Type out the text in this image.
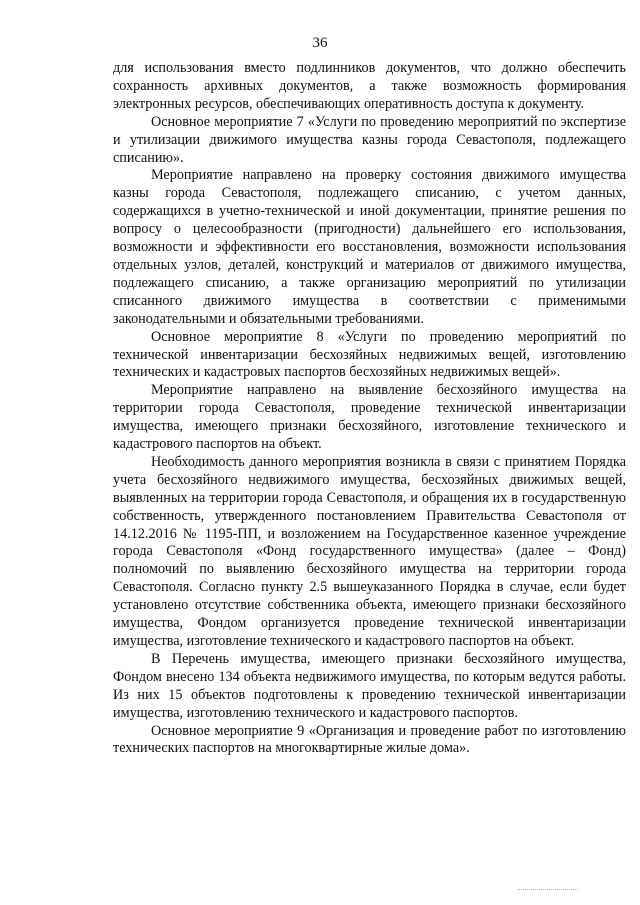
36

для использования вместо подлинников документов, что должно обеспечить сохранность архивных документов, а также возможность формирования электронных ресурсов, обеспечивающих оперативность доступа к документу.

Основное мероприятие 7 «Услуги по проведению мероприятий по экспертизе и утилизации движимого имущества казны города Севастополя, подлежащего списанию».

Мероприятие направлено на проверку состояния движимого имущества казны города Севастополя, подлежащего списанию, с учетом данных, содержащихся в учетно-технической и иной документации, принятие решения по вопросу о целесообразности (пригодности) дальнейшего его использования, возможности и эффективности его восстановления, возможности использования отдельных узлов, деталей, конструкций и материалов от движимого имущества, подлежащего списанию, а также организацию мероприятий по утилизации списанного движимого имущества в соответствии с применимыми законодательными и обязательными требованиями.

Основное мероприятие 8 «Услуги по проведению мероприятий по технической инвентаризации бесхозяйных недвижимых вещей, изготовлению технических и кадастровых паспортов бесхозяйных недвижимых вещей».

Мероприятие направлено на выявление бесхозяйного имущества на территории города Севастополя, проведение технической инвентаризации имущества, имеющего признаки бесхозяйного, изготовление технического и кадастрового паспортов на объект.

Необходимость данного мероприятия возникла в связи с принятием Порядка учета бесхозяйного недвижимого имущества, бесхозяйных движимых вещей, выявленных на территории города Севастополя, и обращения их в государственную собственность, утвержденного постановлением Правительства Севастополя от 14.12.2016 № 1195-ПП, и возложением на Государственное казенное учреждение города Севастополя «Фонд государственного имущества» (далее – Фонд) полномочий по выявлению бесхозяйного имущества на территории города Севастополя. Согласно пункту 2.5 вышеуказанного Порядка в случае, если будет установлено отсутствие собственника объекта, имеющего признаки бесхозяйного имущества, Фондом организуется проведение технической инвентаризации имущества, изготовление технического и кадастрового паспортов на объект.

В Перечень имущества, имеющего признаки бесхозяйного имущества, Фондом внесено 134 объекта недвижимого имущества, по которым ведутся работы. Из них 15 объектов подготовлены к проведению технической инвентаризации имущества, изготовлению технического и кадастрового паспортов.

Основное мероприятие 9 «Организация и проведение работ по изготовлению технических паспортов на многоквартирные жилые дома».
